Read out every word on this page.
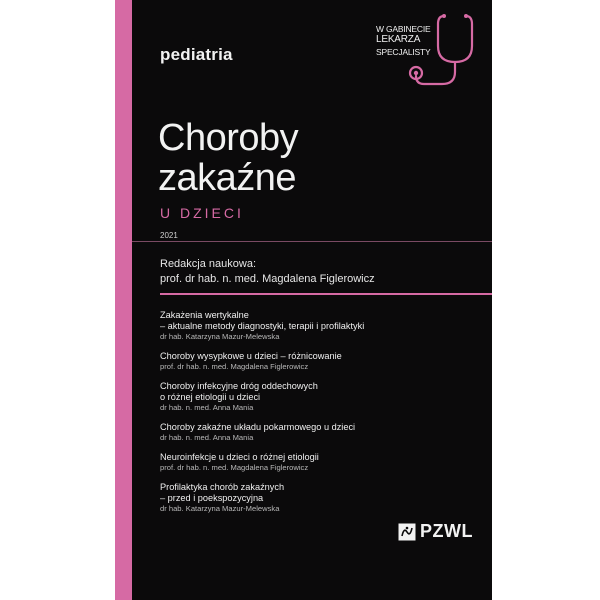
pediatria
W GABINECIE
LEKARZA
SPECJALISTY
Choroby
zakaźne
U DZIECI
2021
Redakcja naukowa:
prof. dr hab. n. med. Magdalena Figlerowicz
Zakażenia wertykalne
– aktualne metody diagnostyki, terapii i profilaktyki
dr hab. Katarzyna Mazur-Melewska
Choroby wysypkowe u dzieci – różnicowanie
prof. dr hab. n. med. Magdalena Figlerowicz
Choroby infekcyjne dróg oddechowych
o różnej etiologii u dzieci
dr hab. n. med. Anna Mania
Choroby zakaźne układu pokarmowego u dzieci
dr hab. n. med. Anna Mania
Neuroinfekcje u dzieci o różnej etiologii
prof. dr hab. n. med. Magdalena Figlerowicz
Profilaktyka chorób zakaźnych
– przed i poekspozycyjna
dr hab. Katarzyna Mazur-Melewska
PZWL
